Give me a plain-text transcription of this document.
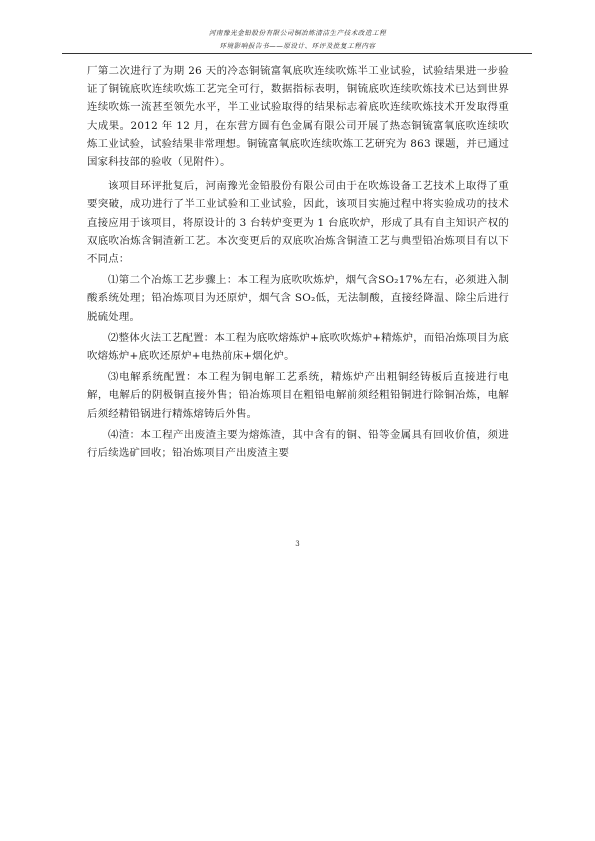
河南豫光金铅股份有限公司铜冶炼清洁生产技术改造工程
环境影响报告书——原设计、环评及批复工程内容

厂第二次进行了为期 26 天的冷态铜锍富氧底吹连续吹炼半工业试验，试验结果进一步验证了铜锍底吹连续吹炼工艺完全可行，数据指标表明，铜锍底吹连续吹炼技术已达到世界连续吹炼一流甚至领先水平，半工业试验取得的结果标志着底吹连续吹炼技术开发取得重大成果。2012 年 12 月，在东营方圆有色金属有限公司开展了热态铜锍富氧底吹连续吹炼工业试验，试验结果非常理想。铜锍富氧底吹连续吹炼工艺研究为 863 课题，并已通过国家科技部的验收（见附件）。

该项目环评批复后，河南豫光金铅股份有限公司由于在吹炼设备工艺技术上取得了重要突破，成功进行了半工业试验和工业试验，因此，该项目实施过程中将实验成功的技术直接应用于该项目，将原设计的 3 台转炉变更为 1 台底吹炉，形成了具有自主知识产权的双底吹冶炼含铜渣新工艺。本次变更后的双底吹冶炼含铜渣工艺与典型铅冶炼项目有以下不同点：

⑴第二个冶炼工艺步骤上：本工程为底吹吹炼炉，烟气含SO₂17%左右，必须进入制酸系统处理；铅冶炼项目为还原炉，烟气含 SO₂低，无法制酸，直接经降温、除尘后进行脱硫处理。

⑵整体火法工艺配置：本工程为底吹熔炼炉+底吹吹炼炉+精炼炉，而铅冶炼项目为底吹熔炼炉+底吹还原炉+电热前床+烟化炉。

⑶电解系统配置：本工程为铜电解工艺系统，精炼炉产出粗铜经铸板后直接进行电解，电解后的阴极铜直接外售；铅冶炼项目在粗铅电解前须经粗铅铜进行除铜冶炼，电解后须经精铅锅进行精炼熔铸后外售。

⑷渣：本工程产出废渣主要为熔炼渣，其中含有的铜、铅等金属具有回收价值，须进行后续选矿回收；铅冶炼项目产出废渣主要

3
